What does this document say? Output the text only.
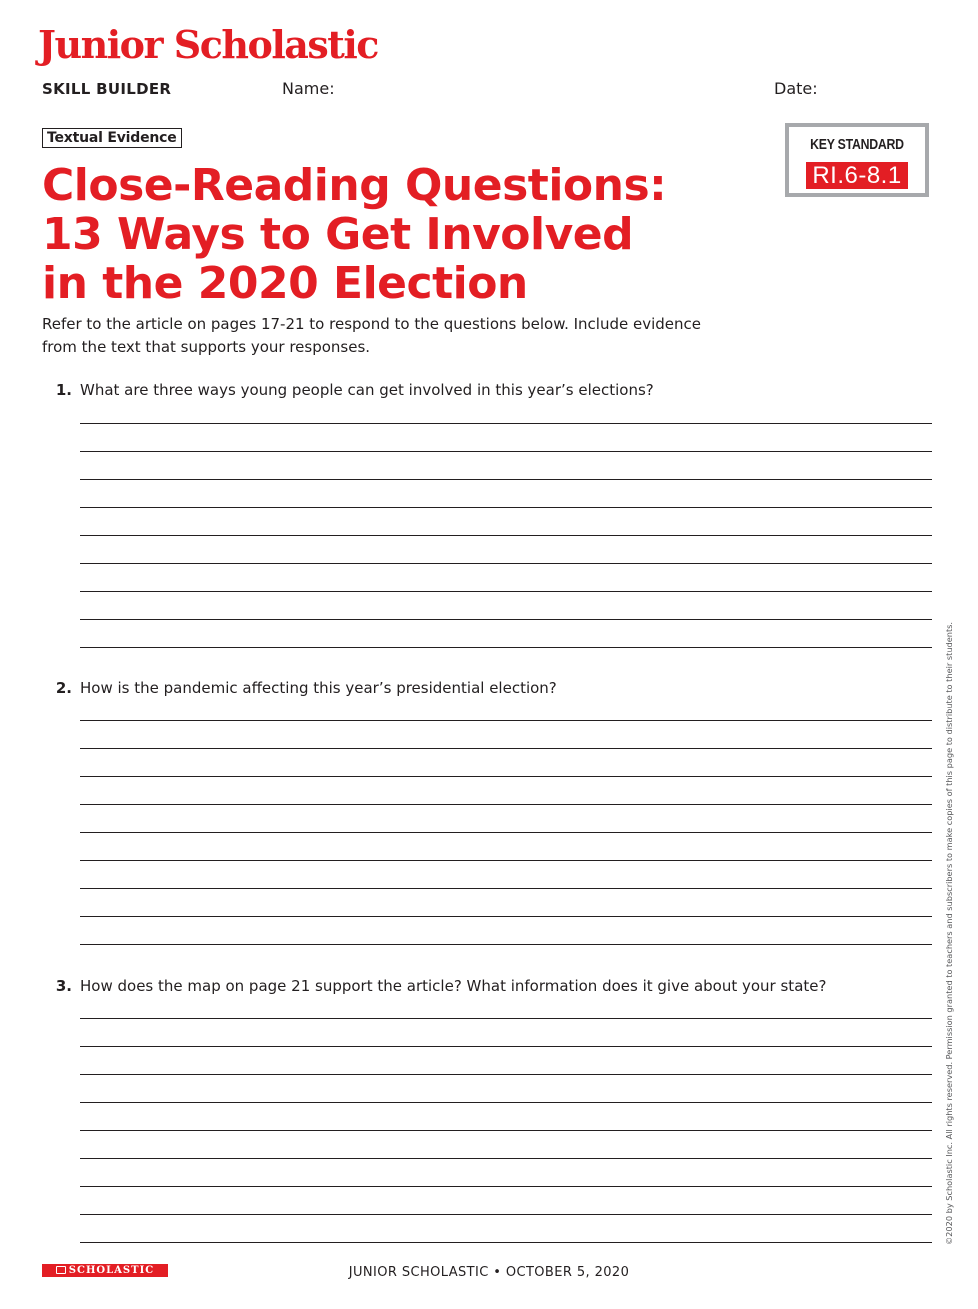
Junior Scholastic
SKILL BUILDER	Name:	Date:
Textual Evidence	KEY STANDARD
RI.6-8.1
Close-Reading Questions:
13 Ways to Get Involved
in the 2020 Election
Refer to the article on pages 17-21 to respond to the questions below. Include evidence
from the text that supports your responses.
1. What are three ways young people can get involved in this year’s elections?
2. How is the pandemic affecting this year’s presidential election?
3. How does the map on page 21 support the article? What information does it give about your state?	©2020 by Scholastic Inc. All rights reserved. Permission granted to teachers and subscribers to make copies of this page to distribute to their students.
SCHOLASTIC	JUNIOR SCHOLASTIC • OCTOBER 5, 2020
